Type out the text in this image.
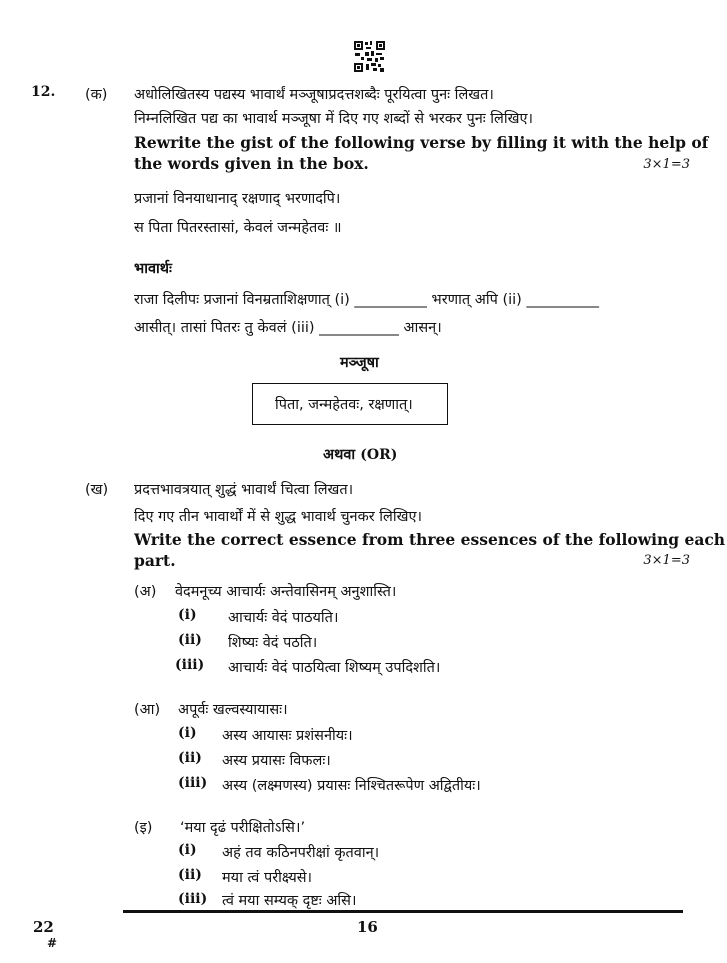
12. (क) अधोलिखितस्य पद्यस्य भावार्थं मञ्जूषाप्रदत्तशब्दैः पूरयित्वा पुनः लिखत।
निम्नलिखित पद्य का भावार्थ मञ्जूषा में दिए गए शब्दों से भरकर पुनः लिखिए।
Rewrite the gist of the following verse by filling it with the help of
the words given in the box.	3×1=3
प्रजानां विनयाधानाद् रक्षणाद् भरणादपि।
स पिता पितरस्तासां, केवलं जन्महेतवः ॥
भावार्थः
राजा दिलीपः प्रजानां विनम्रताशिक्षणात् (i) __________ भरणात् अपि (ii) __________
आसीत्। तासां पितरः तु केवलं (iii) ___________ आसन्।
मञ्जूषा
पिता, जन्महेतवः, रक्षणात्।
अथवा (OR)
(ख) प्रदत्तभावत्रयात् शुद्धं भावार्थं चित्वा लिखत।
दिए गए तीन भावार्थों में से शुद्ध भावार्थ चुनकर लिखिए।
Write the correct essence from three essences of the following each
part.	3×1=3
(अ) वेदमनूच्य आचार्यः अन्तेवासिनम् अनुशास्ति।
(i) आचार्यः वेदं पाठयति।
(ii) शिष्यः वेदं पठति।
(iii) आचार्यः वेदं पाठयित्वा शिष्यम् उपदिशति।
(आ) अपूर्वः खल्वस्यायासः।
(i) अस्य आयासः प्रशंसनीयः।
(ii) अस्य प्रयासः विफलः।
(iii) अस्य (लक्ष्मणस्य) प्रयासः निश्चितरूपेण अद्वितीयः।
(इ) ‘मया दृढं परीक्षितोऽसि।’
(i) अहं तव कठिनपरीक्षां कृतवान्।
(ii) मया त्वं परीक्ष्यसे।
(iii) त्वं मया सम्यक् दृष्टः असि।
22
#
16
